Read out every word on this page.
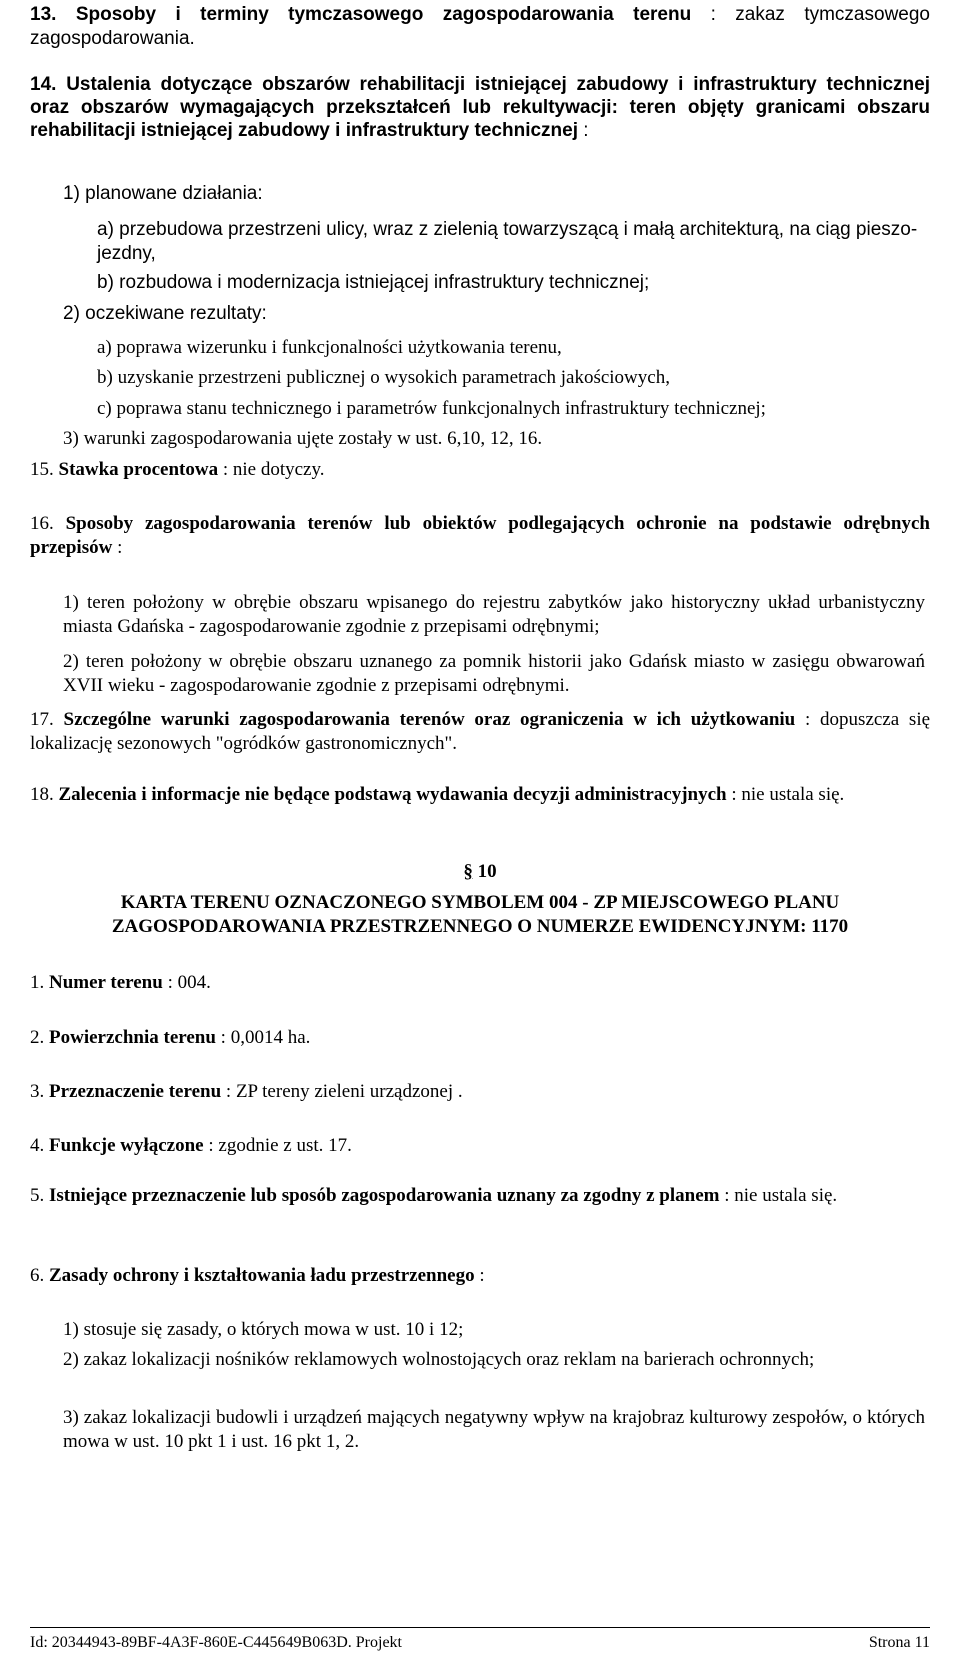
13. Sposoby i terminy tymczasowego zagospodarowania terenu : zakaz tymczasowego zagospodarowania.

14. Ustalenia dotyczące obszarów rehabilitacji istniejącej zabudowy i infrastruktury technicznej oraz obszarów wymagających przekształceń lub rekultywacji: teren objęty granicami obszaru rehabilitacji istniejącej zabudowy i infrastruktury technicznej :

1) planowane działania:

a) przebudowa przestrzeni ulicy, wraz z zielenią towarzyszącą i małą architekturą, na ciąg pieszo-jezdny,

b) rozbudowa i modernizacja istniejącej infrastruktury technicznej;

2) oczekiwane rezultaty:

a) poprawa wizerunku i funkcjonalności użytkowania terenu,

b) uzyskanie przestrzeni publicznej o wysokich parametrach jakościowych,

c) poprawa stanu technicznego i parametrów funkcjonalnych infrastruktury technicznej;

3) warunki zagospodarowania ujęte zostały w ust. 6,10, 12, 16.

15. Stawka procentowa : nie dotyczy.

16. Sposoby zagospodarowania terenów lub obiektów podlegających ochronie na podstawie odrębnych przepisów :

1) teren położony w obrębie obszaru wpisanego do rejestru zabytków jako historyczny układ urbanistyczny miasta Gdańska - zagospodarowanie zgodnie z przepisami odrębnymi;

2) teren położony w obrębie obszaru uznanego za pomnik historii jako Gdańsk miasto w zasięgu obwarowań XVII wieku - zagospodarowanie zgodnie z przepisami odrębnymi.

17. Szczególne warunki zagospodarowania terenów oraz ograniczenia w ich użytkowaniu : dopuszcza się lokalizację sezonowych "ogródków gastronomicznych".

18. Zalecenia i informacje nie będące podstawą wydawania decyzji administracyjnych : nie ustala się.

§ 10

KARTA TERENU OZNACZONEGO SYMBOLEM 004 - ZP MIEJSCOWEGO PLANU

ZAGOSPODAROWANIA PRZESTRZENNEGO O NUMERZE EWIDENCYJNYM: 1170

1. Numer terenu : 004.

2. Powierzchnia terenu : 0,0014 ha.

3. Przeznaczenie terenu : ZP tereny zieleni urządzonej .

4. Funkcje wyłączone : zgodnie z ust. 17.

5. Istniejące przeznaczenie lub sposób zagospodarowania uznany za zgodny z planem : nie ustala się.

6. Zasady ochrony i kształtowania ładu przestrzennego :

1) stosuje się zasady, o których mowa w ust. 10 i 12;

2) zakaz lokalizacji nośników reklamowych wolnostojących oraz reklam na barierach ochronnych;

3) zakaz lokalizacji budowli i urządzeń mających negatywny wpływ na krajobraz kulturowy zespołów, o których mowa w ust. 10 pkt 1 i ust. 16 pkt 1, 2.

Id: 20344943-89BF-4A3F-860E-C445649B063D. Projekt	Strona 11
